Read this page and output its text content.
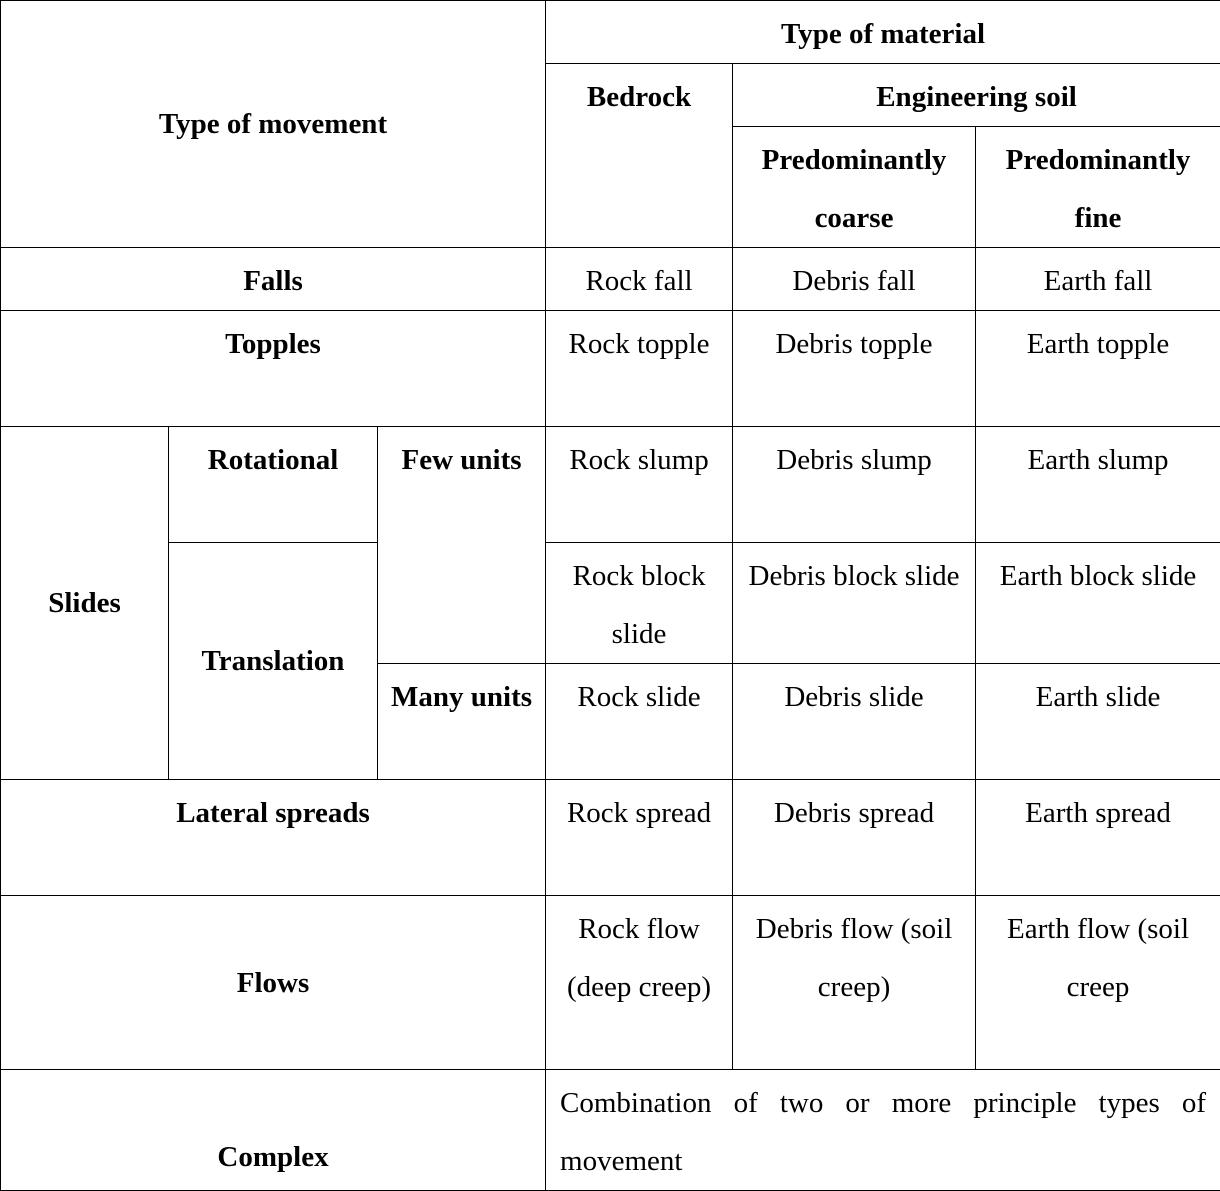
Type of movement			Type of material		
			Bedrock	Engineering soil	
				Predominantly coarse	Predominantly fine

Falls			Rock fall	Debris fall	Earth fall
Topples			Rock topple	Debris topple	Earth topple
Slides	Rotational	Few units	Rock slump	Debris slump	Earth slump
	Translation		Rock block slide	Debris block slide	Earth block slide
		Many units	Rock slide	Debris slide	Earth slide
Lateral spreads			Rock spread	Debris spread	Earth spread
Flows			Rock flow (deep creep)	Debris flow (soil creep)	Earth flow (soil creep
Complex			Combination of two or more principle types of movement		
